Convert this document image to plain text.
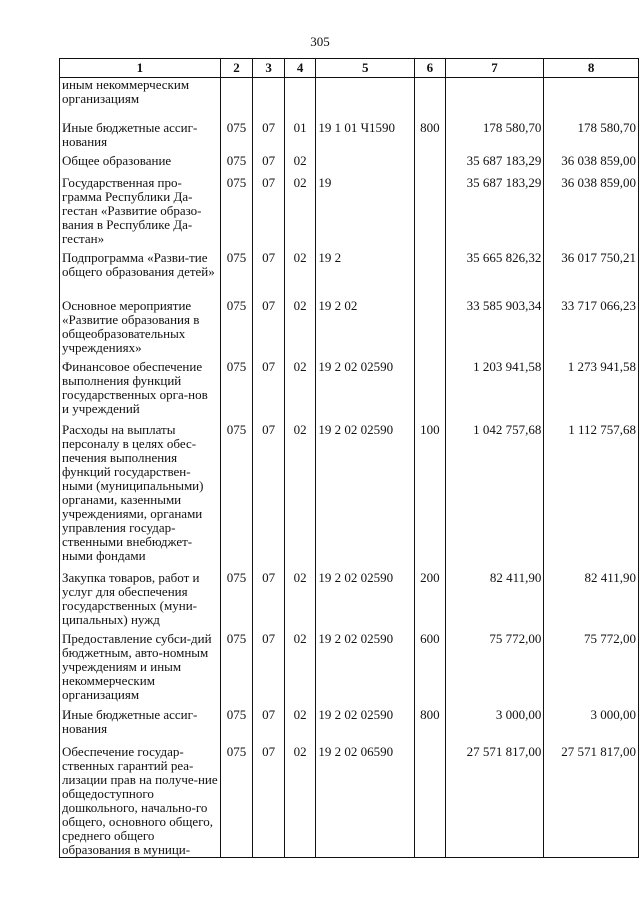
305
1	2	3	4	5	6	7	8
иным некоммерческим организациям							
Иные бюджетные ассиг-нования	075	07	01	19 1 01 Ч1590	800	178 580,70	178 580,70
Общее образование	075	07	02			35 687 183,29	36 038 859,00
Государственная про-грамма Республики Да-гестан «Развитие образо-вания в Республике Да-гестан»	075	07	02	19		35 687 183,29	36 038 859,00
Подпрограмма «Разви-тие общего образования детей»	075	07	02	19 2		35 665 826,32	36 017 750,21
Основное мероприятие «Развитие образования в общеобразовательных учреждениях»	075	07	02	19 2 02		33 585 903,34	33 717 066,23
Финансовое обеспечение выполнения функций государственных орга-нов и учреждений	075	07	02	19 2 02 02590		1 203 941,58	1 273 941,58
Расходы на выплаты персоналу в целях обес-печения выполнения функций государствен-ными (муниципальными) органами, казенными учреждениями, органами управления государ-ственными внебюджет-ными фондами	075	07	02	19 2 02 02590	100	1 042 757,68	1 112 757,68
Закупка товаров, работ и услуг для обеспечения государственных (муни-ципальных) нужд	075	07	02	19 2 02 02590	200	82 411,90	82 411,90
Предоставление субси-дий бюджетным, авто-номным учреждениям и иным некоммерческим организациям	075	07	02	19 2 02 02590	600	75 772,00	75 772,00
Иные бюджетные ассиг-нования	075	07	02	19 2 02 02590	800	3 000,00	3 000,00
Обеспечение государ-ственных гарантий реа-лизации прав на получе-ние общедоступного дошкольного, начально-го общего, основного общего, среднего общего образования в муници-	075	07	02	19 2 02 06590		27 571 817,00	27 571 817,00
